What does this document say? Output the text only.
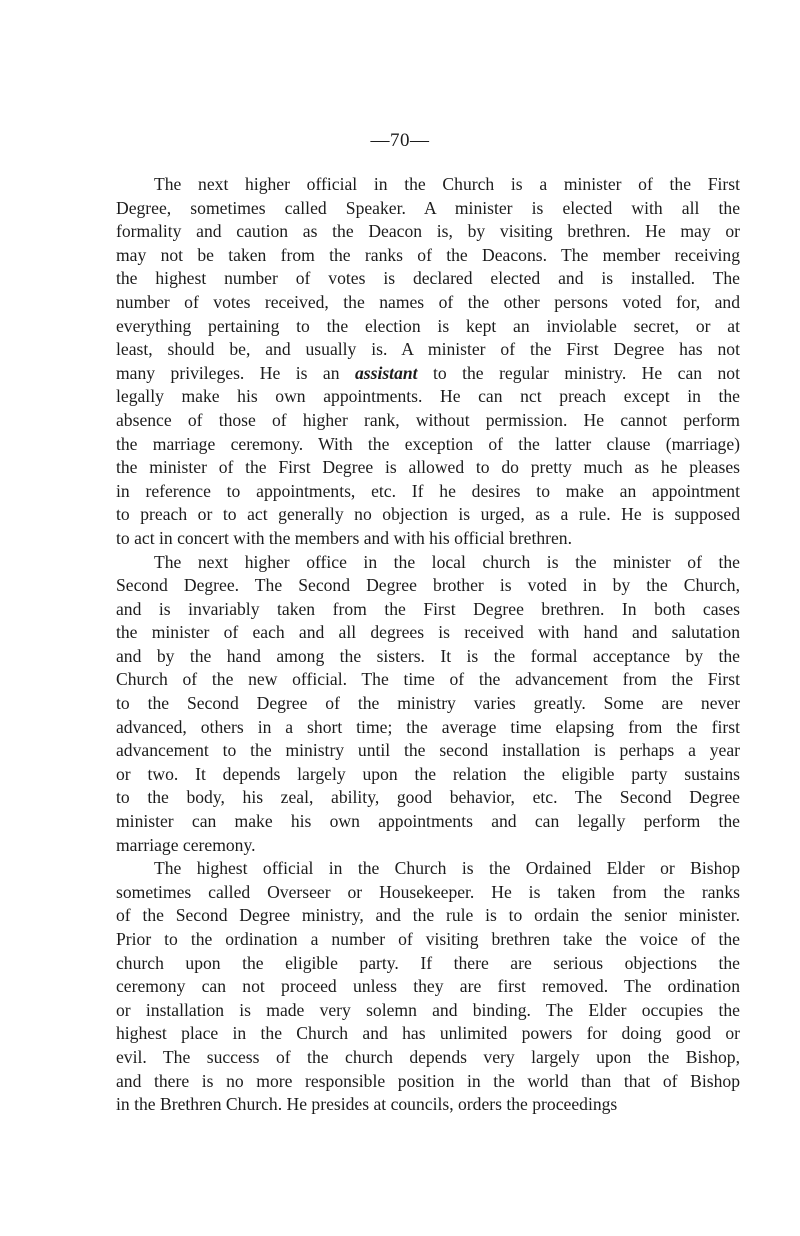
—70—
The next higher official in the Church is a minister of the First
Degree, sometimes called Speaker. A minister is elected with all the
formality and caution as the Deacon is, by visiting brethren. He may or
may not be taken from the ranks of the Deacons. The member receiving
the highest number of votes is declared elected and is installed. The
number of votes received, the names of the other persons voted for, and
everything pertaining to the election is kept an inviolable secret, or at
least, should be, and usually is. A minister of the First Degree has not
many privileges. He is an assistant to the regular ministry. He can not
legally make his own appointments. He can nct preach except in the
absence of those of higher rank, without permission. He cannot perform
the marriage ceremony. With the exception of the latter clause (marriage)
the minister of the First Degree is allowed to do pretty much as he pleases
in reference to appointments, etc. If he desires to make an appointment
to preach or to act generally no objection is urged, as a rule. He is supposed
to act in concert with the members and with his official brethren.
The next higher office in the local church is the minister of the
Second Degree. The Second Degree brother is voted in by the Church,
and is invariably taken from the First Degree brethren. In both cases
the minister of each and all degrees is received with hand and salutation
and by the hand among the sisters. It is the formal acceptance by the
Church of the new official. The time of the advancement from the First
to the Second Degree of the ministry varies greatly. Some are never
advanced, others in a short time; the average time elapsing from the first
advancement to the ministry until the second installation is perhaps a year
or two. It depends largely upon the relation the eligible party sustains
to the body, his zeal, ability, good behavior, etc. The Second Degree
minister can make his own appointments and can legally perform the
marriage ceremony.
The highest official in the Church is the Ordained Elder or Bishop
sometimes called Overseer or Housekeeper. He is taken from the ranks
of the Second Degree ministry, and the rule is to ordain the senior minister.
Prior to the ordination a number of visiting brethren take the voice of the
church upon the eligible party. If there are serious objections the
ceremony can not proceed unless they are first removed. The ordination
or installation is made very solemn and binding. The Elder occupies the
highest place in the Church and has unlimited powers for doing good or
evil. The success of the church depends very largely upon the Bishop,
and there is no more responsible position in the world than that of Bishop
in the Brethren Church. He presides at councils, orders the proceedings
